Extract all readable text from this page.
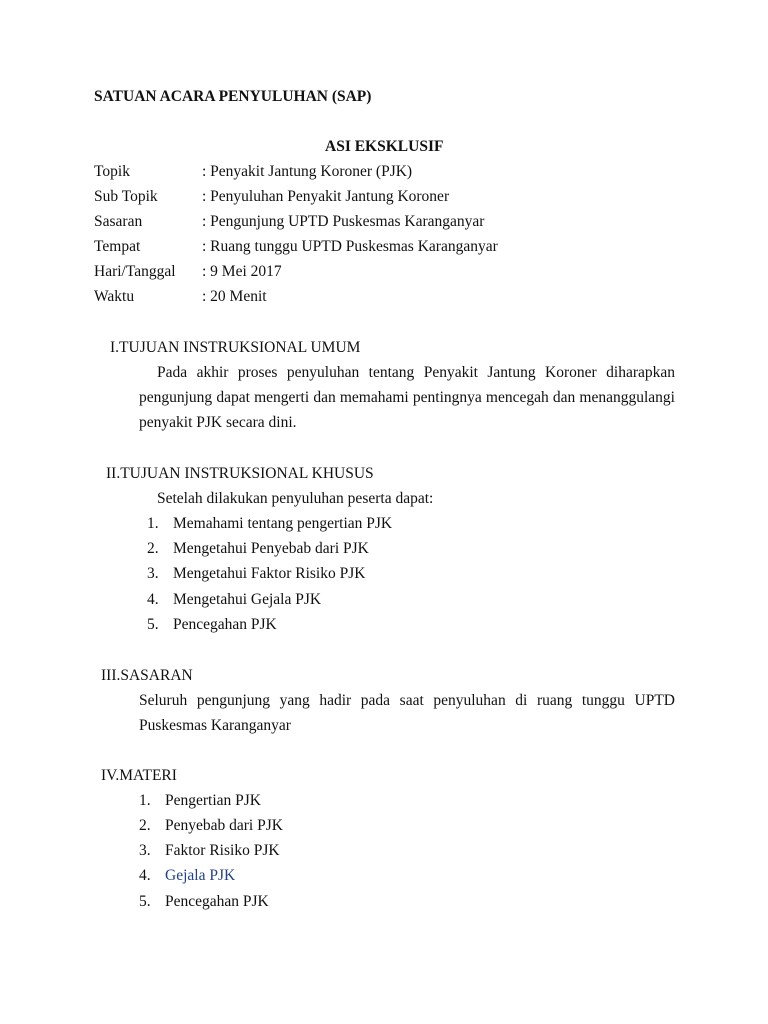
SATUAN ACARA PENYULUHAN (SAP)
ASI EKSKLUSIF
Topik	: Penyakit Jantung Koroner (PJK)
Sub Topik	: Penyuluhan Penyakit Jantung Koroner
Sasaran	: Pengunjung UPTD Puskesmas Karanganyar
Tempat	: Ruang tunggu UPTD Puskesmas Karanganyar
Hari/Tanggal : 9 Mei 2017
Waktu	: 20 Menit
I.TUJUAN INSTRUKSIONAL UMUM
Pada akhir proses penyuluhan tentang Penyakit Jantung Koroner diharapkan
pengunjung dapat mengerti dan memahami pentingnya mencegah dan menanggulangi
penyakit PJK secara dini.
II.TUJUAN INSTRUKSIONAL KHUSUS
Setelah dilakukan penyuluhan peserta dapat:
1. Memahami tentang pengertian PJK
2. Mengetahui Penyebab dari PJK
3. Mengetahui Faktor Risiko PJK
4. Mengetahui Gejala PJK
5. Pencegahan PJK
III.SASARAN
Seluruh pengunjung yang hadir pada saat penyuluhan di ruang tunggu UPTD
Puskesmas Karanganyar
IV.MATERI
1. Pengertian PJK
2. Penyebab dari PJK
3. Faktor Risiko PJK
4. Gejala PJK
5. Pencegahan PJK
